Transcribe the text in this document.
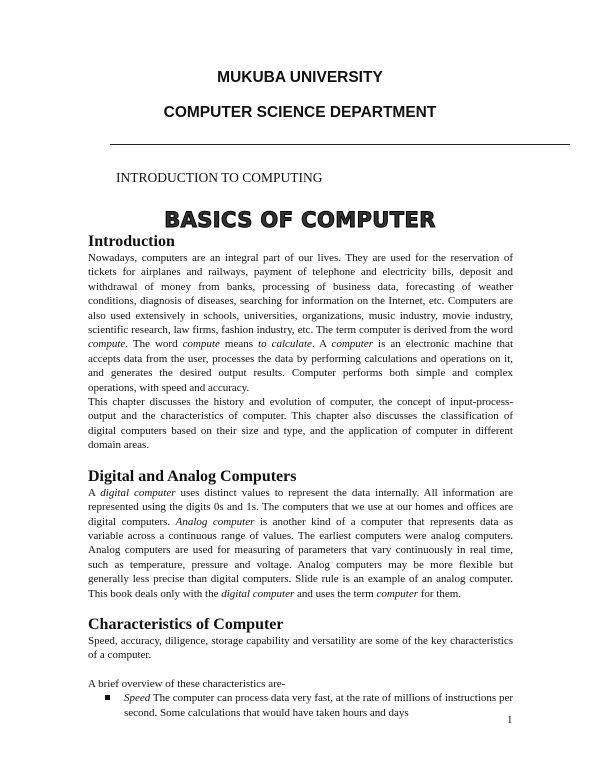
MUKUBA UNIVERSITY
COMPUTER SCIENCE DEPARTMENT
INTRODUCTION TO COMPUTING
BASICS OF COMPUTER
Introduction

Nowadays, computers are an integral part of our lives. They are used for the reservation of tickets for airplanes and railways, payment of telephone and electricity bills, deposit and withdrawal of money from banks, processing of business data, forecasting of weather conditions, diagnosis of diseases, searching for information on the Internet, etc. Computers are also used extensively in schools, universities, organizations, music industry, movie industry, scientific research, law firms, fashion industry, etc. The term computer is derived from the word compute. The word compute means to calculate. A computer is an electronic machine that accepts data from the user, processes the data by performing calculations and operations on it, and generates the desired output results. Computer performs both simple and complex operations, with speed and accuracy.

This chapter discusses the history and evolution of computer, the concept of input-process-output and the characteristics of computer. This chapter also discusses the classification of digital computers based on their size and type, and the application of computer in different domain areas.

Digital and Analog Computers

A digital computer uses distinct values to represent the data internally. All information are represented using the digits 0s and 1s. The computers that we use at our homes and offices are digital computers. Analog computer is another kind of a computer that represents data as variable across a continuous range of values. The earliest computers were analog computers. Analog computers are used for measuring of parameters that vary continuously in real time, such as temperature, pressure and voltage. Analog computers may be more flexible but generally less precise than digital computers. Slide rule is an example of an analog computer. This book deals only with the digital computer and uses the term computer for them.

Characteristics of Computer

Speed, accuracy, diligence, storage capability and versatility are some of the key characteristics of a computer.

A brief overview of these characteristics are-

Speed The computer can process data very fast, at the rate of millions of instructions per second. Some calculations that would have taken hours and days
1
